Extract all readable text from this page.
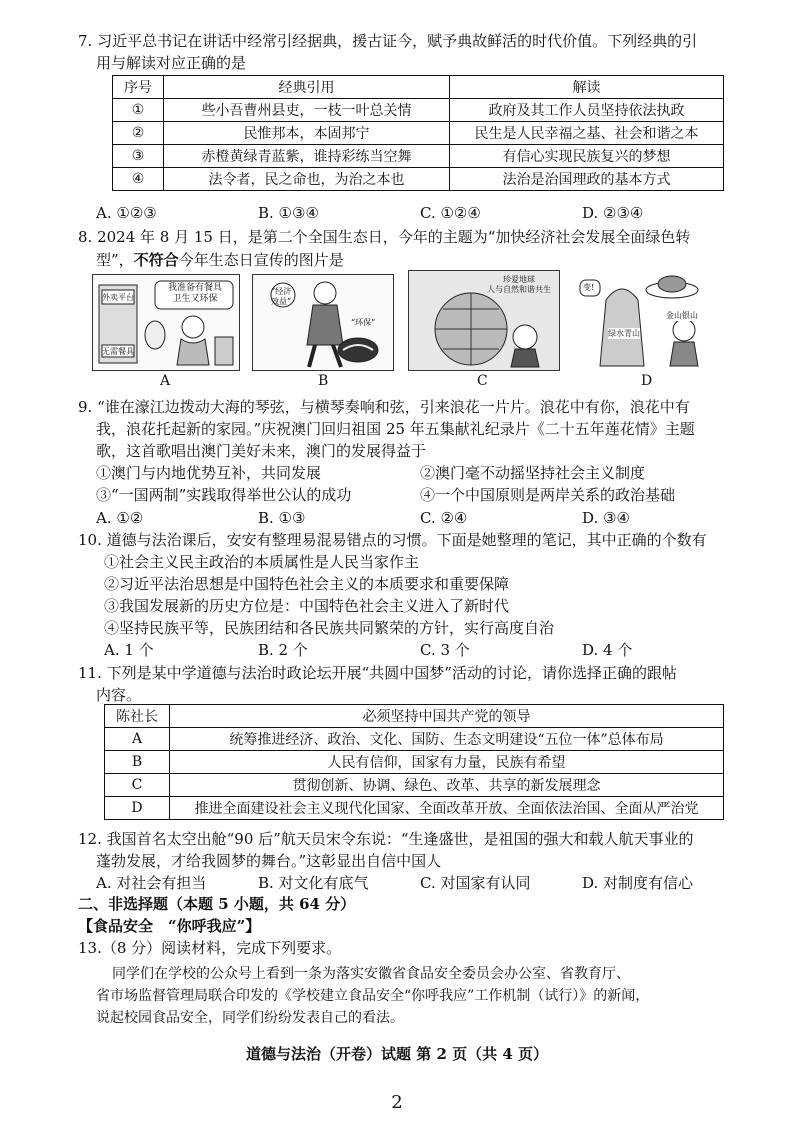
7. 习近平总书记在讲话中经常引经据典，援古证今，赋予典故鲜活的时代价值。下列经典的引
用与解读对应正确的是
序号	经典引用	解读
①	些小吾曹州县吏，一枝一叶总关情	政府及其工作人员坚持依法执政
②	民惟邦本，本固邦宁	民生是人民幸福之基、社会和谐之本
③	赤橙黄绿青蓝紫，谁持彩练当空舞	有信心实现民族复兴的梦想
④	法令者，民之命也，为治之本也	法治是治国理政的基本方式
A. ①②③	B. ①③④	C. ①②④	D. ②③④
8. 2024 年 8 月 15 日，是第二个全国生态日，今年的主题为“加快经济社会发展全面绿色转
型”，不符合今年生态日宣传的图片是
我准备有餐具
卫生又环保
外卖平台
无需餐具
A
“经济
效益”
“环保”
B
珍爱地球
人与自然和谐共生
C
变!
绿水青山
金山银山
D
9. “谁在濠江边拨动大海的琴弦，与横琴奏响和弦，引来浪花一片片。浪花中有你，浪花中有
我，浪花托起新的家园。”庆祝澳门回归祖国 25 年五集献礼纪录片《二十五年莲花情》主题
歌，这首歌唱出澳门美好未来，澳门的发展得益于
①澳门与内地优势互补，共同发展	②澳门毫不动摇坚持社会主义制度
③“一国两制”实践取得举世公认的成功	④一个中国原则是两岸关系的政治基础
A. ①②	B. ①③	C. ②④	D. ③④
10. 道德与法治课后，安安有整理易混易错点的习惯。下面是她整理的笔记，其中正确的个数有
①社会主义民主政治的本质属性是人民当家作主
②习近平法治思想是中国特色社会主义的本质要求和重要保障
③我国发展新的历史方位是：中国特色社会主义进入了新时代
④坚持民族平等，民族团结和各民族共同繁荣的方针，实行高度自治
A. 1 个	B. 2 个	C. 3 个	D. 4 个
11. 下列是某中学道德与法治时政论坛开展“共圆中国梦”活动的讨论，请你选择正确的跟帖
内容。
陈社长	必须坚持中国共产党的领导
A	统筹推进经济、政治、文化、国防、生态文明建设“五位一体”总体布局
B	人民有信仰，国家有力量，民族有希望
C	贯彻创新、协调、绿色、改革、共享的新发展理念
D	推进全面建设社会主义现代化国家、全面改革开放、全面依法治国、全面从严治党
12. 我国首名太空出舱“90 后”航天员宋令东说：“生逢盛世，是祖国的强大和载人航天事业的
蓬勃发展，才给我圆梦的舞台。”这彰显出自信中国人
A. 对社会有担当	B. 对文化有底气	C. 对国家有认同	D. 对制度有信心
二、非选择题（本题 5 小题，共 64 分）
【食品安全　“你呼我应”】
13.（8 分）阅读材料，完成下列要求。
同学们在学校的公众号上看到一条为落实安徽省食品安全委员会办公室、省教育厅、
省市场监督管理局联合印发的《学校建立食品安全“你呼我应”工作机制（试行）》的新闻，
说起校园食品安全，同学们纷纷发表自己的看法。
道德与法治（开卷）试题 第 2 页（共 4 页）
2
